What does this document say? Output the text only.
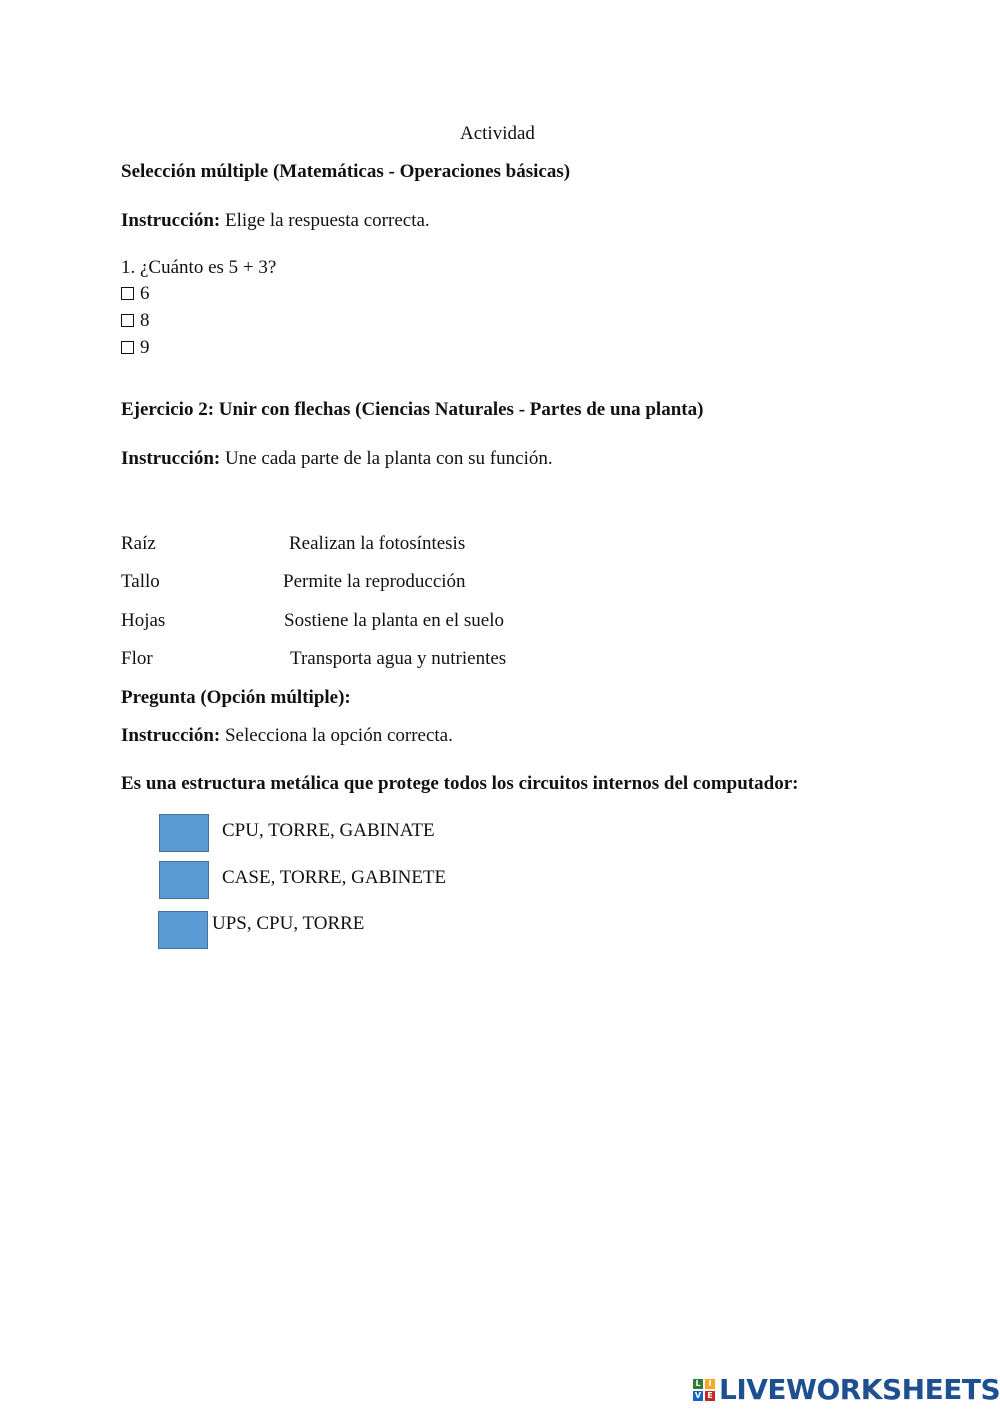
Actividad
Selección múltiple (Matemáticas - Operaciones básicas)
Instrucción: Elige la respuesta correcta.
1. ¿Cuánto es 5 + 3?
6
8
9
Ejercicio 2: Unir con flechas (Ciencias Naturales - Partes de una planta)
Instrucción: Une cada parte de la planta con su función.
Raíz
Tallo
Hojas
Flor
Realizan la fotosíntesis
Permite la reproducción
Sostiene la planta en el suelo
Transporta agua y nutrientes
Pregunta (Opción múltiple):
Instrucción: Selecciona la opción correcta.
Es una estructura metálica que protege todos los circuitos internos del computador:
CPU, TORRE, GABINATE
CASE, TORRE, GABINETE
UPS, CPU, TORRE
L I
V E LIVEWORKSHEETS
